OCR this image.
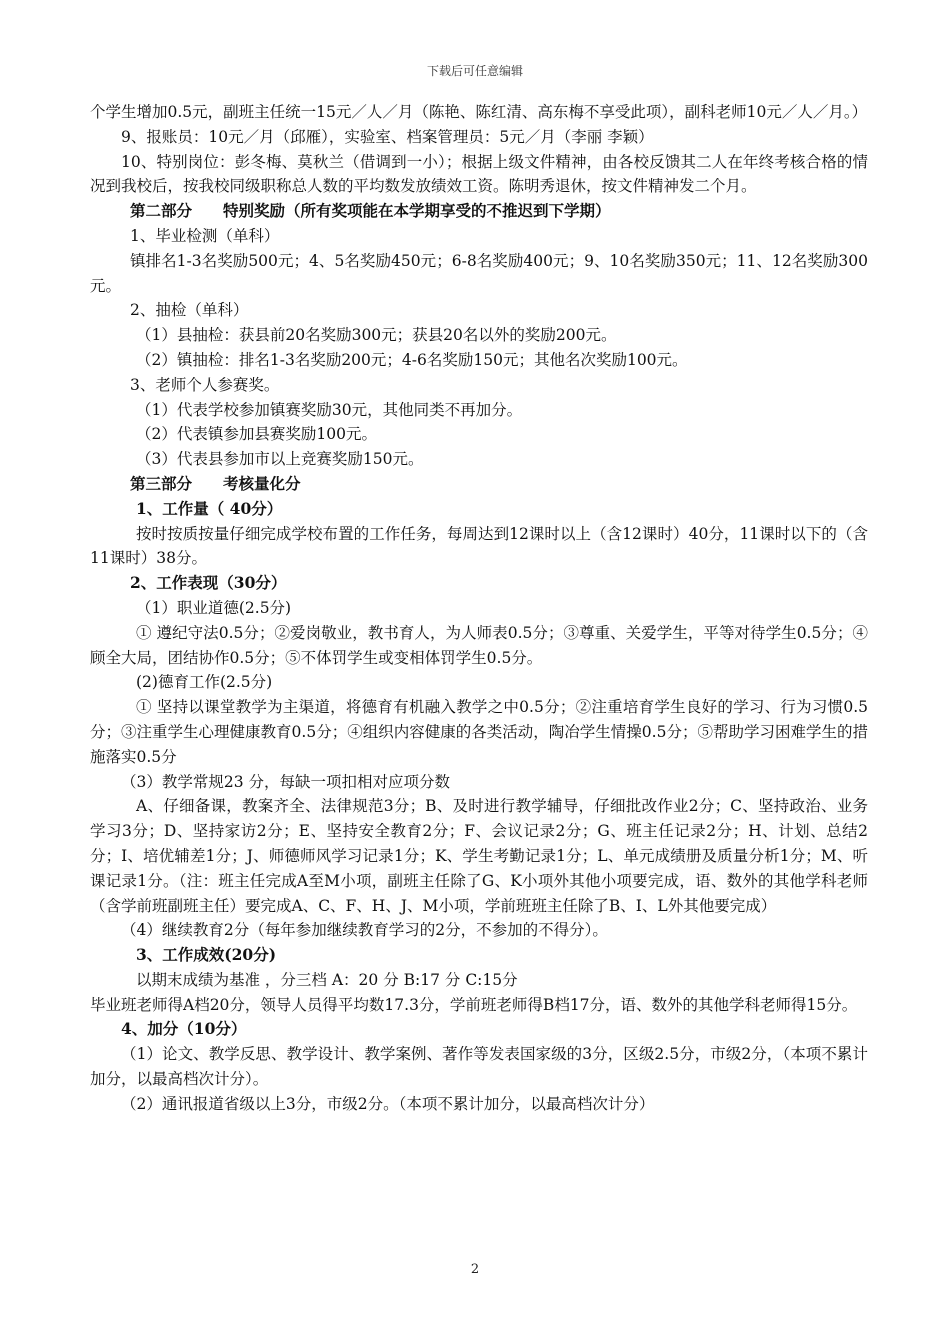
下载后可任意编辑

个学生增加0.5元，副班主任统一15元／人／月（陈艳、陈红清、高东梅不享受此项），副科老师10元／人／月。）

9、报账员：10元／月（邱雁），实验室、档案管理员：5元／月（李丽 李颖）

10、特别岗位：彭冬梅、莫秋兰（借调到一小）；根据上级文件精神，由各校反馈其二人在年终考核合格的情况到我校后，按我校同级职称总人数的平均数发放绩效工资。陈明秀退休，按文件精神发二个月。

第二部分　　特别奖励（所有奖项能在本学期享受的不推迟到下学期）

1、毕业检测（单科）

镇排名1-3名奖励500元；4、5名奖励450元；6-8名奖励400元；9、10名奖励350元；11、12名奖励300元。

2、抽检（单科）

（1）县抽检：获县前20名奖励300元；获县20名以外的奖励200元。

（2）镇抽检：排名1-3名奖励200元；4-6名奖励150元；其他名次奖励100元。

3、老师个人参赛奖。

（1）代表学校参加镇赛奖励30元，其他同类不再加分。

（2）代表镇参加县赛奖励100元。

（3）代表县参加市以上竞赛奖励150元。

第三部分　　考核量化分

1、工作量（ 40分）

按时按质按量仔细完成学校布置的工作任务，每周达到12课时以上（含12课时）40分，11课时以下的（含11课时）38分。

2、工作表现（30分）

（1）职业道德(2.5分)

① 遵纪守法0.5分；②爱岗敬业，教书育人，为人师表0.5分；③尊重、关爱学生，平等对待学生0.5分；④顾全大局，团结协作0.5分；⑤不体罚学生或变相体罚学生0.5分。

(2)德育工作(2.5分)

① 坚持以课堂教学为主渠道，将德育有机融入教学之中0.5分；②注重培育学生良好的学习、行为习惯0.5分；③注重学生心理健康教育0.5分；④组织内容健康的各类活动，陶冶学生情操0.5分；⑤帮助学习困难学生的措施落实0.5分

（3）教学常规23 分，每缺一项扣相对应项分数

A、仔细备课，教案齐全、法律规范3分；B、及时进行教学辅导，仔细批改作业2分；C、坚持政治、业务学习3分；D、坚持家访2分；E、坚持安全教育2分；F、会议记录2分；G、班主任记录2分；H、计划、总结2分；I、培优辅差1分；J、师德师风学习记录1分；K、学生考勤记录1分；L、单元成绩册及质量分析1分；M、听课记录1分。（注：班主任完成A至M小项，副班主任除了G、K小项外其他小项要完成，语、数外的其他学科老师（含学前班副班主任）要完成A、C、F、H、J、M小项，学前班班主任除了B、I、L外其他要完成）

（4）继续教育2分（每年参加继续教育学习的2分，不参加的不得分）。

3、工作成效(20分)

以期末成绩为基准 ，分三档 A：20 分 B:17 分 C:15分

毕业班老师得A档20分，领导人员得平均数17.3分，学前班老师得B档17分，语、数外的其他学科老师得15分。

4、加分（10分）

（1）论文、教学反思、教学设计、教学案例、著作等发表国家级的3分，区级2.5分，市级2分，（本项不累计加分，以最高档次计分）。

（2）通讯报道省级以上3分，市级2分。（本项不累计加分，以最高档次计分）

2
